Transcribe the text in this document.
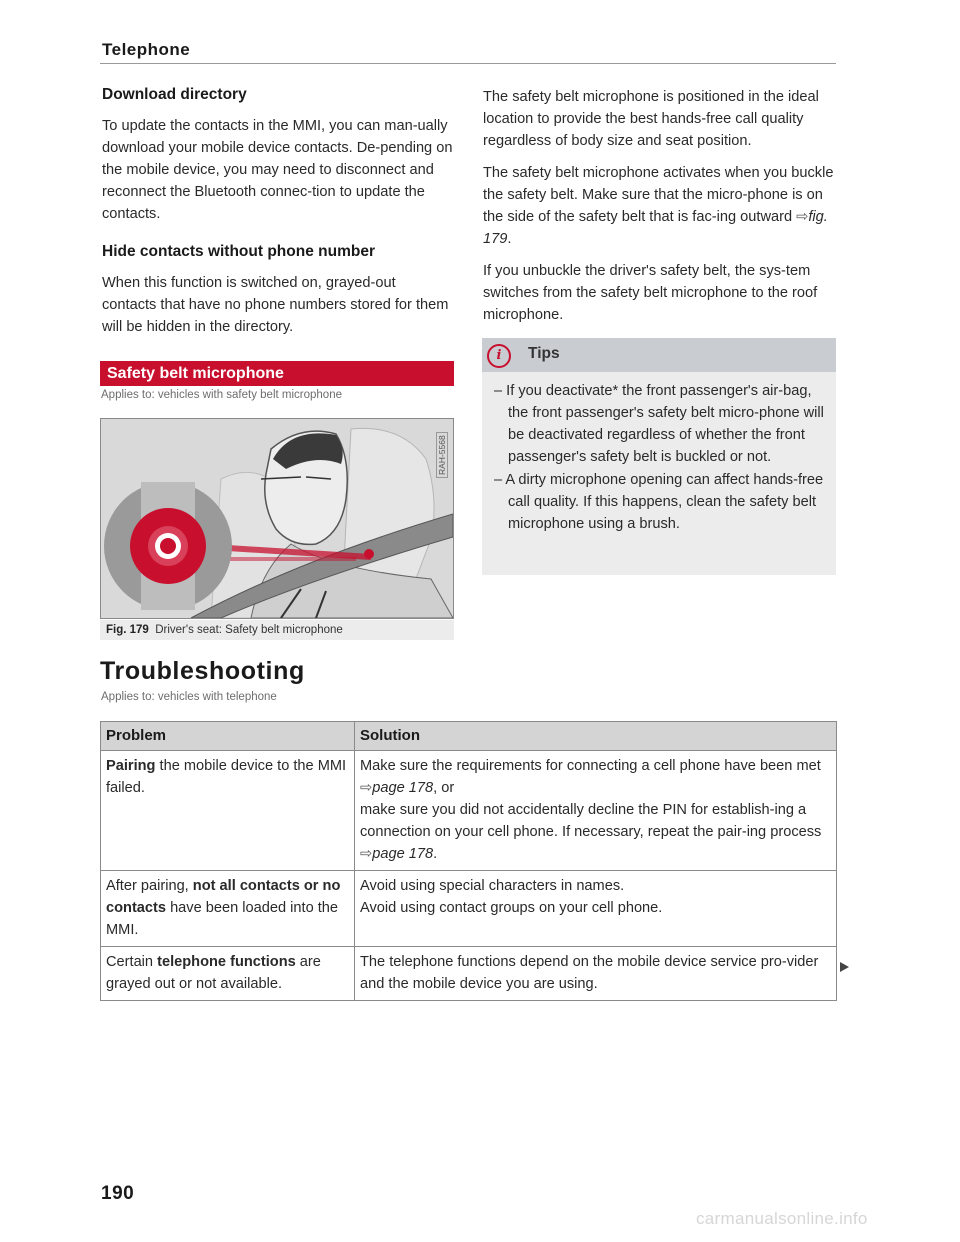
Telephone
Download directory

To update the contacts in the MMI, you can man-ually download your mobile device contacts. De-pending on the mobile device, you may need to disconnect and reconnect the Bluetooth connec-tion to update the contacts.

Hide contacts without phone number

When this function is switched on, grayed-out contacts that have no phone numbers stored for them will be hidden in the directory.

Safety belt microphone
Applies to: vehicles with safety belt microphone
RAH-5568
Fig. 179 Driver's seat: Safety belt microphone

The safety belt microphone is positioned in the ideal location to provide the best hands-free call quality regardless of body size and seat position.

The safety belt microphone activates when you buckle the safety belt. Make sure that the micro-phone is on the side of the safety belt that is fac-ing outward ⇨fig. 179.

If you unbuckle the driver's safety belt, the sys-tem switches from the safety belt microphone to the roof microphone.

i	Tips
– If you deactivate* the front passenger's air-bag, the front passenger's safety belt micro-phone will be deactivated regardless of whether the front passenger's safety belt is buckled or not.
– A dirty microphone opening can affect hands-free call quality. If this happens, clean the safety belt microphone using a brush.
Troubleshooting
Applies to: vehicles with telephone
Problem	Solution
Pairing the mobile device to the MMI failed.	Make sure the requirements for connecting a cell phone have been met ⇨page 178, or
make sure you did not accidentally decline the PIN for establish-ing a connection on your cell phone. If necessary, repeat the pair-ing process ⇨page 178.

After pairing, not all contacts or no contacts have been loaded into the MMI.	Avoid using special characters in names.
Avoid using contact groups on your cell phone.

Certain telephone functions are grayed out or not available.	The telephone functions depend on the mobile device service pro-vider and the mobile device you are using.
190
carmanualsonline.info
